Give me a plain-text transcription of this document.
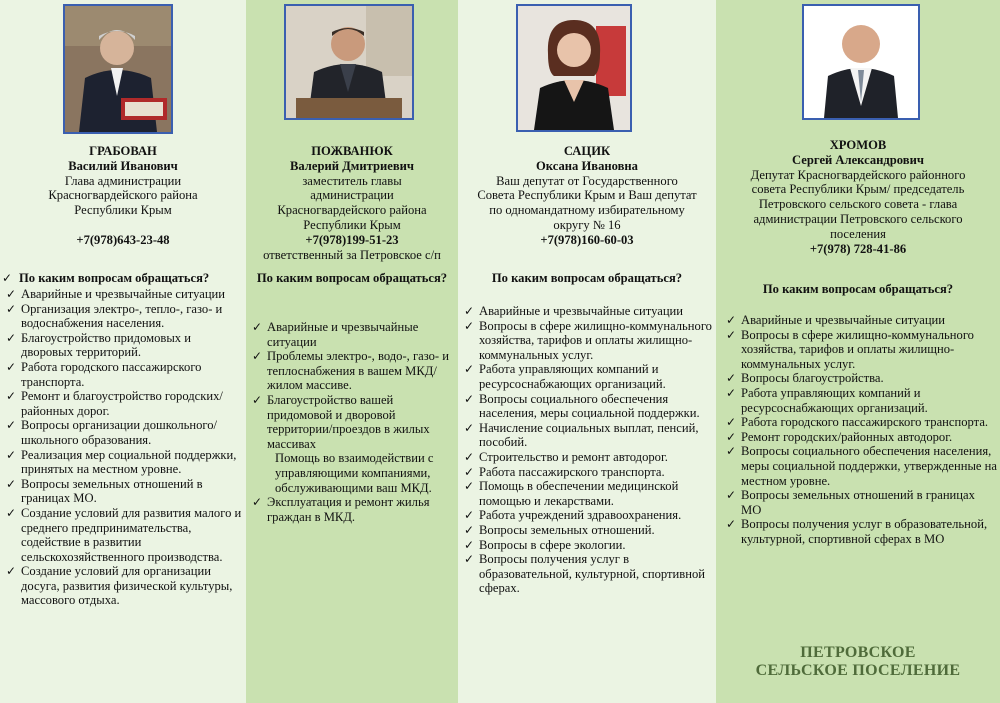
ГРАБОВАН
Василий Иванович
Глава администрации
Красногвардейского района
Республики Крым
+7(978)643-23-48
✓ По каким вопросам обращаться?
✓ Аварийные и чрезвычайные ситуации
✓ Организация электро-, тепло-, газо- и водоснабжения населения.
✓ Благоустройство придомовых и дворовых территорий.
✓ Работа городского пассажирского транспорта.
✓ Ремонт и благоустройство городских/районных дорог.
✓ Вопросы организации дошкольного/школьного образования.
✓ Реализация мер социальной поддержки, принятых на местном уровне.
✓ Вопросы земельных отношений в границах МО.
✓ Создание условий для развития малого и среднего предпринимательства, содействие в развитии сельскохозяйственного производства.
✓ Создание условий для организации досуга, развития физической культуры, массового отдыха.
ПОЖВАНЮК
Валерий Дмитриевич
заместитель главы
администрации
Красногвардейского района
Республики Крым
+7(978)199-51-23
ответственный за Петровское с/п
По каким вопросам обращаться?
✓ Аварийные и чрезвычайные ситуации
✓ Проблемы электро-, водо-, газо- и теплоснабжения в вашем МКД/жилом массиве.
✓ Благоустройство вашей придомовой и дворовой территории/проездов в жилых массивах
Помощь во взаимодействии с управляющими компаниями, обслуживающими ваш МКД.
✓ Эксплуатация и ремонт жилья граждан в МКД.
САЦИК
Оксана Ивановна
Ваш депутат от Государственного
Совета Республики Крым и Ваш депутат
по одномандатному избирательному
округу № 16
+7(978)160-60-03
По каким вопросам обращаться?
✓ Аварийные и чрезвычайные ситуации
✓ Вопросы в сфере жилищно-коммунального хозяйства, тарифов и оплаты жилищно-коммунальных услуг.
✓ Работа управляющих компаний и ресурсоснабжающих организаций.
✓ Вопросы социального обеспечения населения, меры социальной поддержки.
✓ Начисление социальных выплат, пенсий, пособий.
✓ Строительство и ремонт автодорог.
✓ Работа пассажирского транспорта.
✓ Помощь в обеспечении медицинской помощью и лекарствами.
✓ Работа учреждений здравоохранения.
✓ Вопросы земельных отношений.
✓ Вопросы в сфере экологии.
✓ Вопросы получения услуг в образовательной, культурной, спортивной сферах.
ХРОМОВ
Сергей Александрович
Депутат Красногвардейского районного
совета Республики Крым/ председатель
Петровского сельского совета - глава
администрации Петровского сельского
поселения
+7(978) 728-41-86
По каким вопросам обращаться?
✓ Аварийные и чрезвычайные ситуации
✓ Вопросы в сфере жилищно-коммунального хозяйства, тарифов и оплаты жилищно-коммунальных услуг.
✓ Вопросы благоустройства.
✓ Работа управляющих компаний и ресурсоснабжающих организаций.
✓ Работа городского пассажирского транспорта.
✓ Ремонт городских/районных автодорог.
✓ Вопросы социального обеспечения населения, меры социальной поддержки, утвержденные на местном уровне.
✓ Вопросы земельных отношений в границах МО
✓ Вопросы получения услуг в образовательной, культурной, спортивной сферах в МО
ПЕТРОВСКОЕ
СЕЛЬСКОЕ ПОСЕЛЕНИЕ
